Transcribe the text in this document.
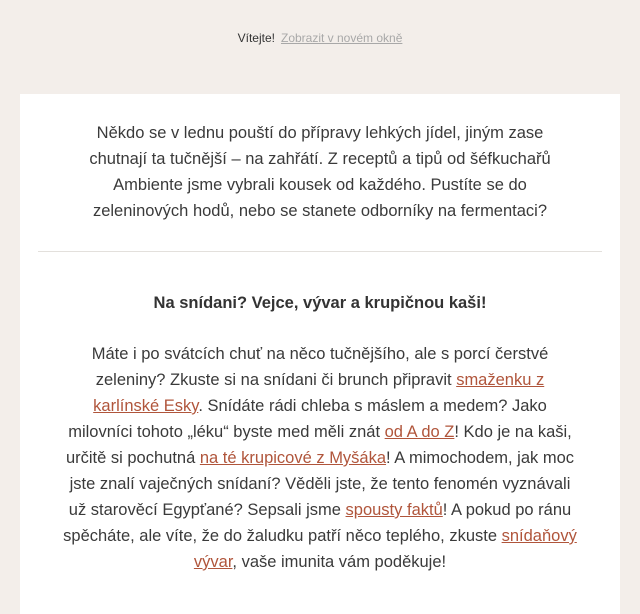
Vítejte! Zobrazit v novém okně

Někdo se v lednu pouští do přípravy lehkých jídel, jiným zase chutnají ta tučnější – na zahřátí. Z receptů a tipů od šéfkuchařů Ambiente jsme vybrali kousek od každého. Pustíte se do zeleninových hodů, nebo se stanete odborníky na fermentaci?

Na snídani? Vejce, vývar a krupičnou kaši!

Máte i po svátcích chuť na něco tučnějšího, ale s porcí čerstvé zeleniny? Zkuste si na snídani či brunch připravit smaženku z karlínské Esky. Snídáte rádi chleba s máslem a medem? Jako milovníci tohoto „léku“ byste med měli znát od A do Z! Kdo je na kaši, určitě si pochutná na té krupicové z Myšáka! A mimochodem, jak moc jste znalí vaječných snídaní? Věděli jste, že tento fenomén vyznávali už starověcí Egypťané? Sepsali jsme spousty faktů! A pokud po ránu spěcháte, ale víte, že do žaludku patří něco teplého, zkuste snídaňový vývar, vaše imunita vám poděkuje!
